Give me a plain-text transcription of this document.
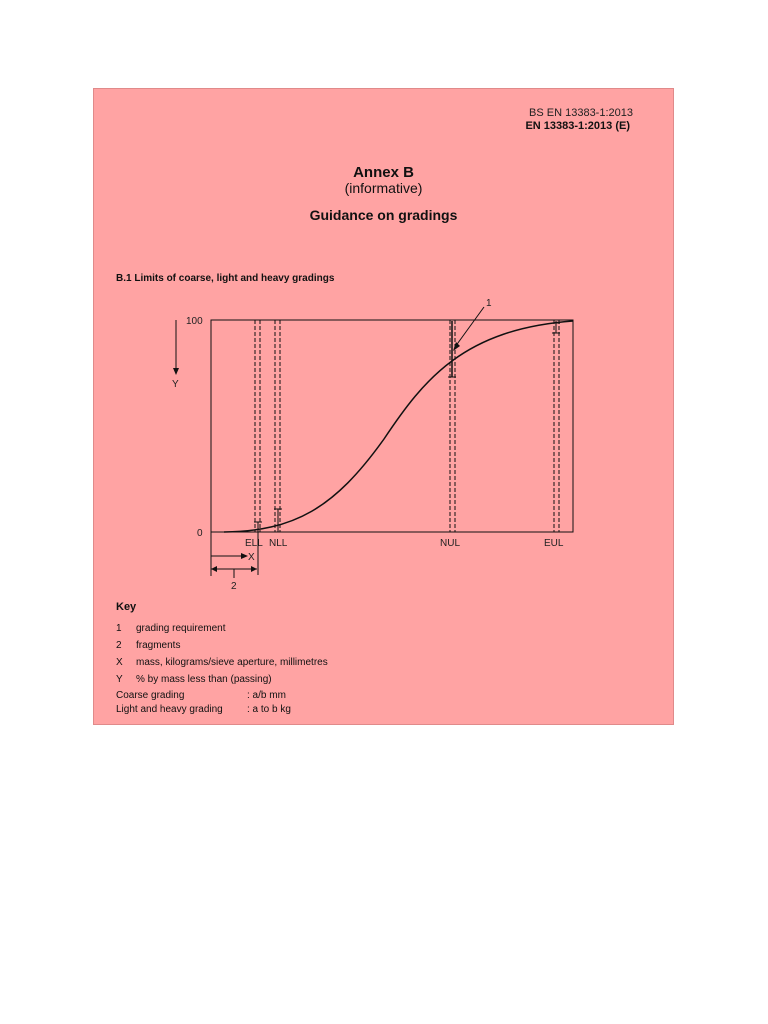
BS EN 13383-1:2013
EN 13383-1:2013 (E)
Annex B
(informative)
Guidance on gradings
B.1 Limits of coarse, light and heavy gradings
100
0
Y
1
ELL NLL	NUL	EUL
X
2
Key
1 grading requirement
2 fragments
X mass, kilograms/sieve aperture, millimetres
Y % by mass less than (passing)
Coarse grading	: a/b mm
Light and heavy grading : a to b kg
